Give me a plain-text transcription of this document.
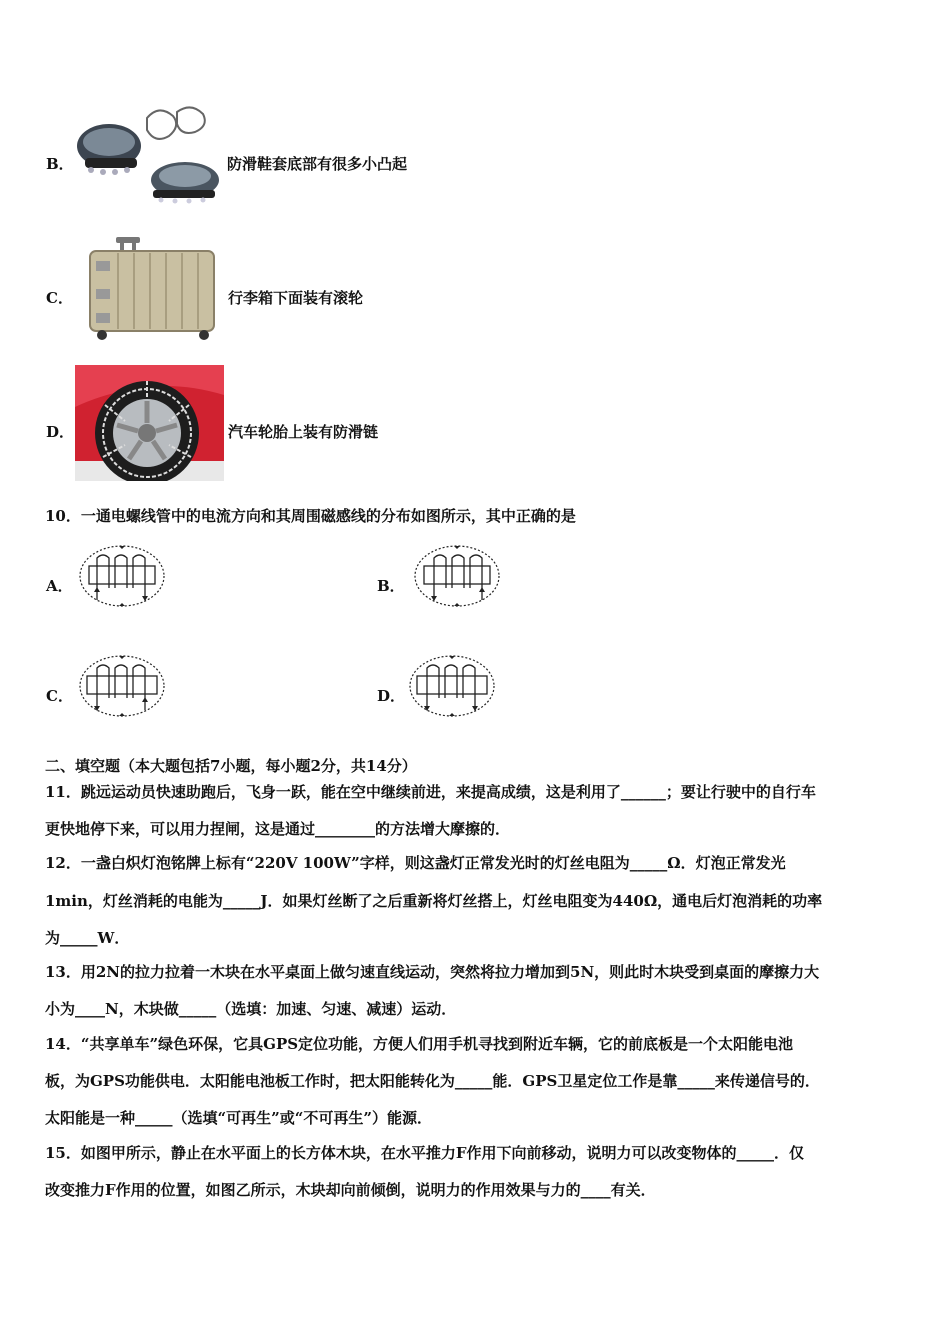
B．	防滑鞋套底部有很多小凸起
C．	行李箱下面装有滚轮
D．	汽车轮胎上装有防滑链
10．一通电螺线管中的电流方向和其周围磁感线的分布如图所示，其中正确的是
A．	B．
C．	D．
二、填空题（本大题包括7小题，每小题2分，共14分）
11．跳远运动员快速助跑后，飞身一跃，能在空中继续前进，来提高成绩，这是利用了______；要让行驶中的自行车
更快地停下来，可以用力捏闸，这是通过________的方法增大摩擦的．
12．一盏白炽灯泡铭牌上标有“220V 100W”字样，则这盏灯正常发光时的灯丝电阻为_____Ω．灯泡正常发光
1min，灯丝消耗的电能为_____J．如果灯丝断了之后重新将灯丝搭上，灯丝电阻变为440Ω，通电后灯泡消耗的功率
为_____W．
13．用2N的拉力拉着一木块在水平桌面上做匀速直线运动，突然将拉力增加到5N，则此时木块受到桌面的摩擦力大
小为____N，木块做_____（选填：加速、匀速、减速）运动．
14．“共享单车”绿色环保，它具GPS定位功能，方便人们用手机寻找到附近车辆，它的前底板是一个太阳能电池
板，为GPS功能供电．太阳能电池板工作时，把太阳能转化为_____能．GPS卫星定位工作是靠_____来传递信号的．
太阳能是一种_____（选填“可再生”或“不可再生”）能源．
15．如图甲所示，静止在水平面上的长方体木块，在水平推力F作用下向前移动，说明力可以改变物体的_____．仅
改变推力F作用的位置，如图乙所示，木块却向前倾倒，说明力的作用效果与力的____有关．
